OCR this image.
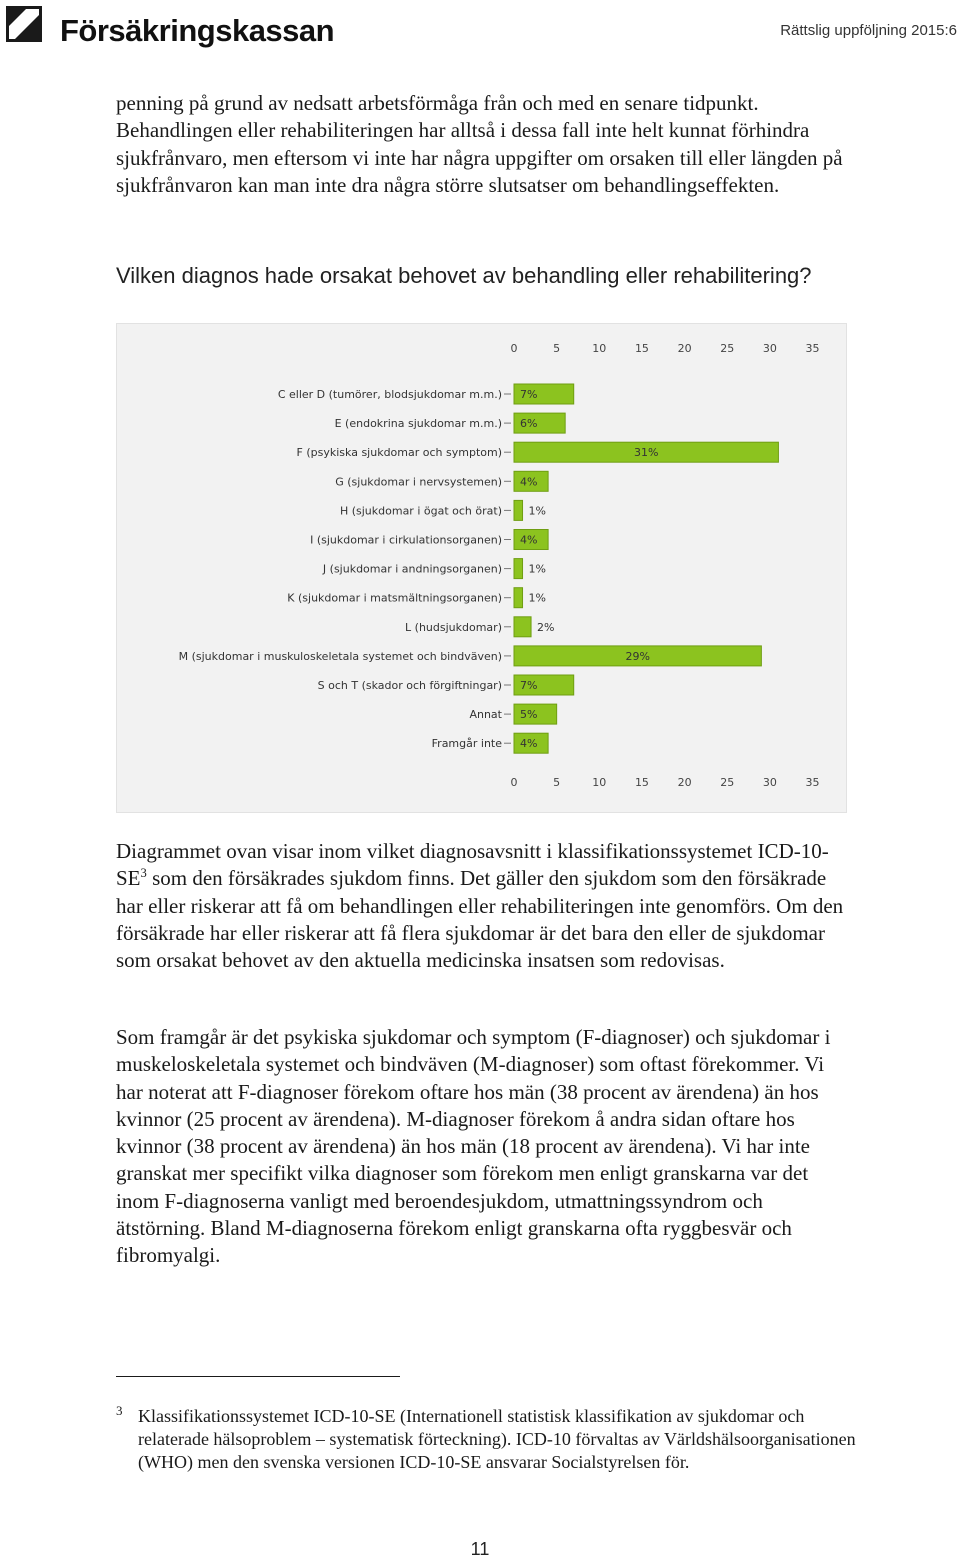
Försäkringskassan	Rättslig uppföljning 2015:6

penning på grund av nedsatt arbetsförmåga från och med en senare tidpunkt. Behandlingen eller rehabiliteringen har alltså i dessa fall inte helt kunnat förhindra sjukfrånvaro, men eftersom vi inte har några uppgifter om orsaken till eller längden på sjukfrånvaron kan man inte dra några större slutsatser om behandlingseffekten.

Vilken diagnos hade orsakat behovet av behandling eller rehabilitering?
0
0
5
5
10
10
15
15
20
20
25
25
30
30
35
35
C eller D (tumörer, blodsjukdomar m.m.) 7%
E (endokrina sjukdomar m.m.) 6%
F (psykiska sjukdomar och symptom)	31%
G (sjukdomar i nervsystemen) 4%
H (sjukdomar i ögat och örat) 1%
I (sjukdomar i cirkulationsorganen) 4%
J (sjukdomar i andningsorganen) 1%
K (sjukdomar i matsmältningsorganen) 1%
L (hudsjukdomar)	2%
M (sjukdomar i muskuloskeletala systemet och bindväven)	29%
S och T (skador och förgiftningar) 7%
Annat 5%
Framgår inte 4%

Diagrammet ovan visar inom vilket diagnosavsnitt i klassifikationssystemet ICD-$10-SE^3$ som den försäkrades sjukdom finns. Det gäller den sjukdom som den försäkrade har eller riskerar att få om behandlingen eller rehabiliteringen inte genomförs. Om den försäkrade har eller riskerar att få flera sjukdomar är det bara den eller de sjukdomar som orsakat behovet av den aktuella medicinska insatsen som redovisas.

Som framgår är det psykiska sjukdomar och symptom (F-diagnoser) och sjukdomar i muskeloskeletala systemet och bindväven (M-diagnoser) som oftast förekommer. Vi har noterat att F-diagnoser förekom oftare hos män (38 procent av ärendena) än hos kvinnor (25 procent av ärendena). M-diagnoser förekom å andra sidan oftare hos kvinnor (38 procent av ärendena) än hos män (18 procent av ärendena). Vi har inte granskat mer specifikt vilka diagnoser som förekom men enligt granskarna var det inom F-diagnoserna vanligt med beroendesjukdom, utmattningssyndrom och ätstörning. Bland M-diagnoserna förekom enligt granskarna ofta ryggbesvär och fibromyalgi.

3 Klassifikationssystemet ICD-10-SE (Internationell statistisk klassifikation av sjukdomar och relaterade hälsoproblem – systematisk förteckning). ICD-10 förvaltas av Världshälsoorganisationen (WHO) men den svenska versionen ICD-10-SE ansvarar Socialstyrelsen för.
11
